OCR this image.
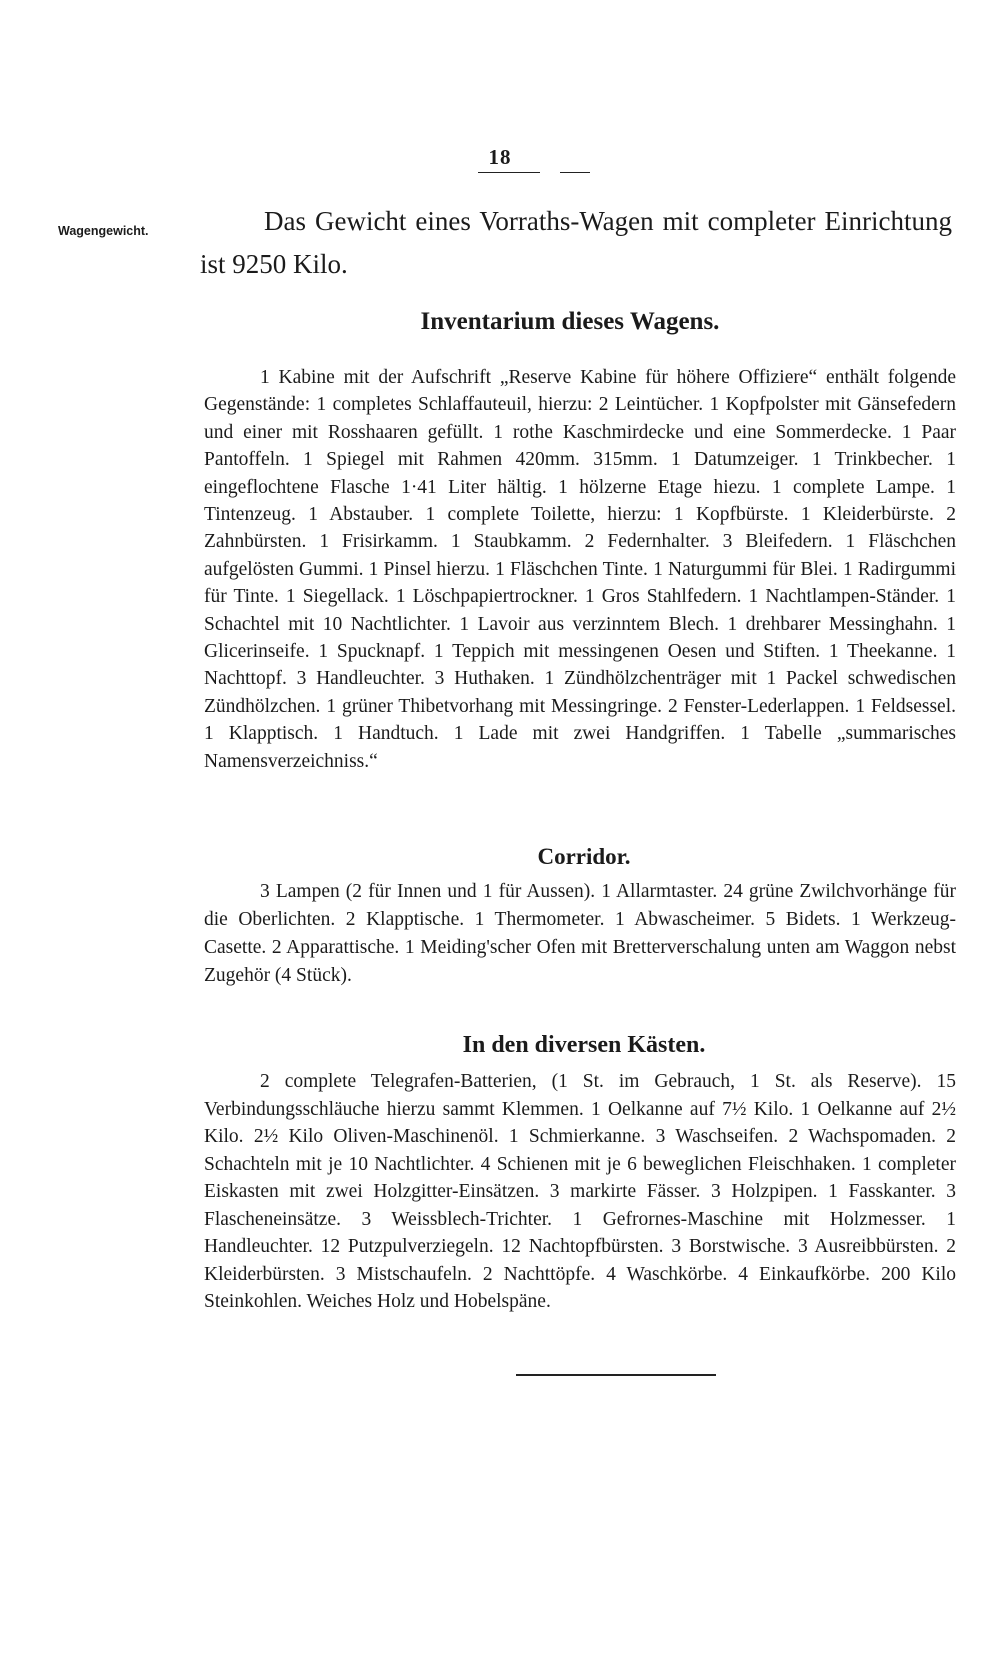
18
Wagengewicht.	Das Gewicht eines Vorraths-Wagen mit completer Einrichtung ist 9250 Kilo.

Inventarium dieses Wagens.

1 Kabine mit der Aufschrift „Reserve Kabine für höhere Offiziere“ enthält folgende Gegenstände: 1 completes Schlaffauteuil, hierzu: 2 Leintücher. 1 Kopfpolster mit Gänsefedern und einer mit Rosshaaren gefüllt. 1 rothe Kaschmirdecke und eine Sommerdecke. 1 Paar Pantoffeln. 1 Spiegel mit Rahmen 420mm. 315mm. 1 Datumzeiger. 1 Trinkbecher. 1 eingeflochtene Flasche 1·41 Liter hältig. 1 hölzerne Etage hiezu. 1 complete Lampe. 1 Tintenzeug. 1 Abstauber. 1 complete Toilette, hierzu: 1 Kopfbürste. 1 Kleiderbürste. 2 Zahnbürsten. 1 Frisirkamm. 1 Staubkamm. 2 Federnhalter. 3 Bleifedern. 1 Fläschchen aufgelösten Gummi. 1 Pinsel hierzu. 1 Fläschchen Tinte. 1 Naturgummi für Blei. 1 Radirgummi für Tinte. 1 Siegellack. 1 Löschpapiertrockner. 1 Gros Stahlfedern. 1 Nachtlampen-Ständer. 1 Schachtel mit 10 Nachtlichter. 1 Lavoir aus verzinntem Blech. 1 drehbarer Messinghahn. 1 Glicerinseife. 1 Spucknapf. 1 Teppich mit messingenen Oesen und Stiften. 1 Theekanne. 1 Nachttopf. 3 Handleuchter. 3 Huthaken. 1 Zündhölzchenträger mit 1 Packel schwedischen Zündhölzchen. 1 grüner Thibetvorhang mit Messingringe. 2 Fenster-Lederlappen. 1 Feldsessel. 1 Klapptisch. 1 Handtuch. 1 Lade mit zwei Handgriffen. 1 Tabelle „summarisches Namensverzeichniss.“

Corridor.

3 Lampen (2 für Innen und 1 für Aussen). 1 Allarmtaster. 24 grüne Zwilchvorhänge für die Oberlichten. 2 Klapptische. 1 Thermometer. 1 Abwascheimer. 5 Bidets. 1 Werkzeug-Casette. 2 Apparattische. 1 Meiding'scher Ofen mit Bretterverschalung unten am Waggon nebst Zugehör (4 Stück).

In den diversen Kästen.

2 complete Telegrafen-Batterien, (1 St. im Gebrauch, 1 St. als Reserve). 15 Verbindungsschläuche hierzu sammt Klemmen. 1 Oelkanne auf 7½ Kilo. 1 Oelkanne auf 2½ Kilo. 2½ Kilo Oliven-Maschinenöl. 1 Schmierkanne. 3 Waschseifen. 2 Wachspomaden. 2 Schachteln mit je 10 Nachtlichter. 4 Schienen mit je 6 beweglichen Fleischhaken. 1 completer Eiskasten mit zwei Holzgitter-Einsätzen. 3 markirte Fässer. 3 Holzpipen. 1 Fasskanter. 3 Flascheneinsätze. 3 Weissblech-Trichter. 1 Gefrornes-Maschine mit Holzmesser. 1 Handleuchter. 12 Putzpulverziegeln. 12 Nachtopfbürsten. 3 Borstwische. 3 Ausreibbürsten. 2 Kleiderbürsten. 3 Mistschaufeln. 2 Nachttöpfe. 4 Waschkörbe. 4 Einkaufkörbe. 200 Kilo Steinkohlen. Weiches Holz und Hobelspäne.
